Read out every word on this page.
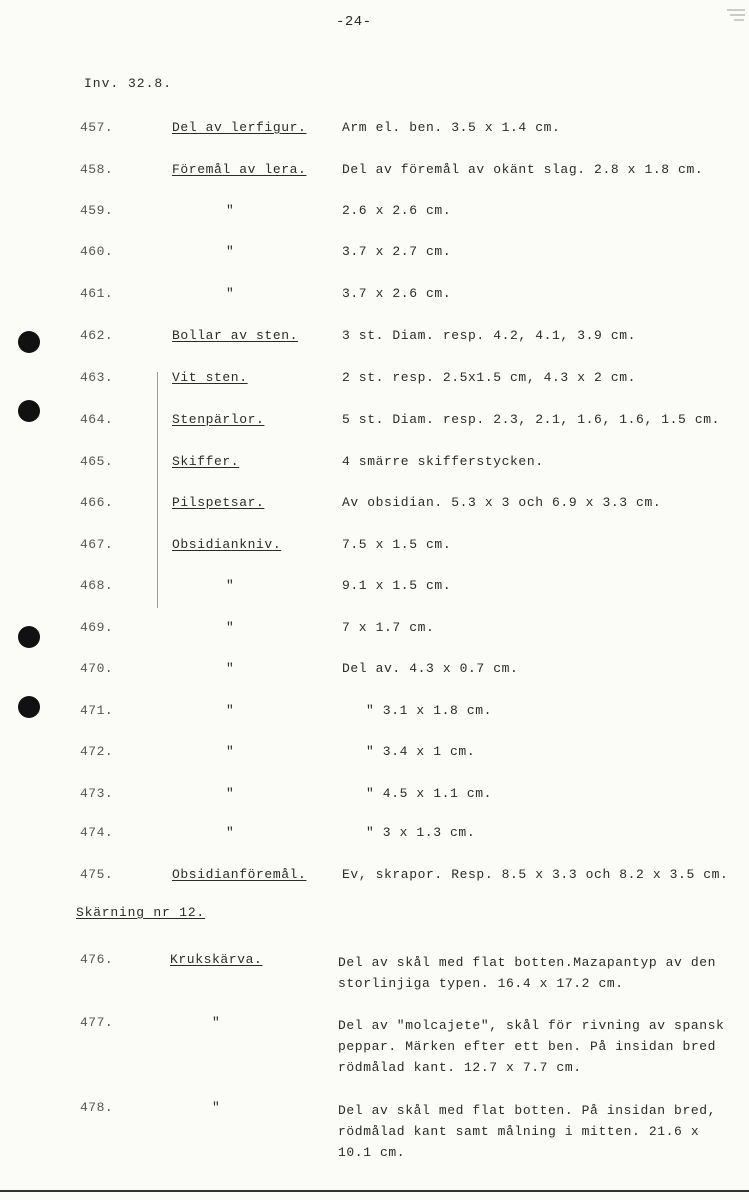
-24-
Inv. 32.8.
457.	Del av lerfigur.	Arm el. ben. 3.5 x 1.4 cm.
458.	Föremål av lera.	Del av föremål av okänt slag. 2.8 x 1.8 cm.
459.	"	2.6 x 2.6 cm.
460.	"	3.7 x 2.7 cm.
461.	"	3.7 x 2.6 cm.
462.	Bollar av sten.	3 st. Diam. resp. 4.2, 4.1, 3.9 cm.
463.	Vit sten.	2 st. resp. 2.5x1.5 cm, 4.3 x 2 cm.
464.	Stenpärlor.	5 st. Diam. resp. 2.3, 2.1, 1.6, 1.6, 1.5 cm.
465.	Skiffer.	4 smärre skifferstycken.
466.	Pilspetsar.	Av obsidian. 5.3 x 3 och 6.9 x 3.3 cm.
467.	Obsidiankniv.	7.5 x 1.5 cm.
468.	"	9.1 x 1.5 cm.
469.	"	7 x 1.7 cm.
470.	"	Del av. 4.3 x 0.7 cm.
471.	"	" 3.1 x 1.8 cm.
472.	"	" 3.4 x 1 cm.
473.	"	" 4.5 x 1.1 cm.
474.	"	" 3 x 1.3 cm.
475.	Obsidianföremål.	Ev, skrapor. Resp. 8.5 x 3.3 och 8.2 x 3.5 cm.
Skärning nr 12.
476.	Krukskärva.	Del av skål med flat botten.Mazapantyp av den storlinjiga typen. 16.4 x 17.2 cm.
477.	"	Del av "molcajete", skål för rivning av spansk peppar. Märken efter ett ben. På insidan bred rödmålad kant. 12.7 x 7.7 cm.
478.	"	Del av skål med flat botten. På insidan bred, rödmålad kant samt målning i mitten. 21.6 x 10.1 cm.
